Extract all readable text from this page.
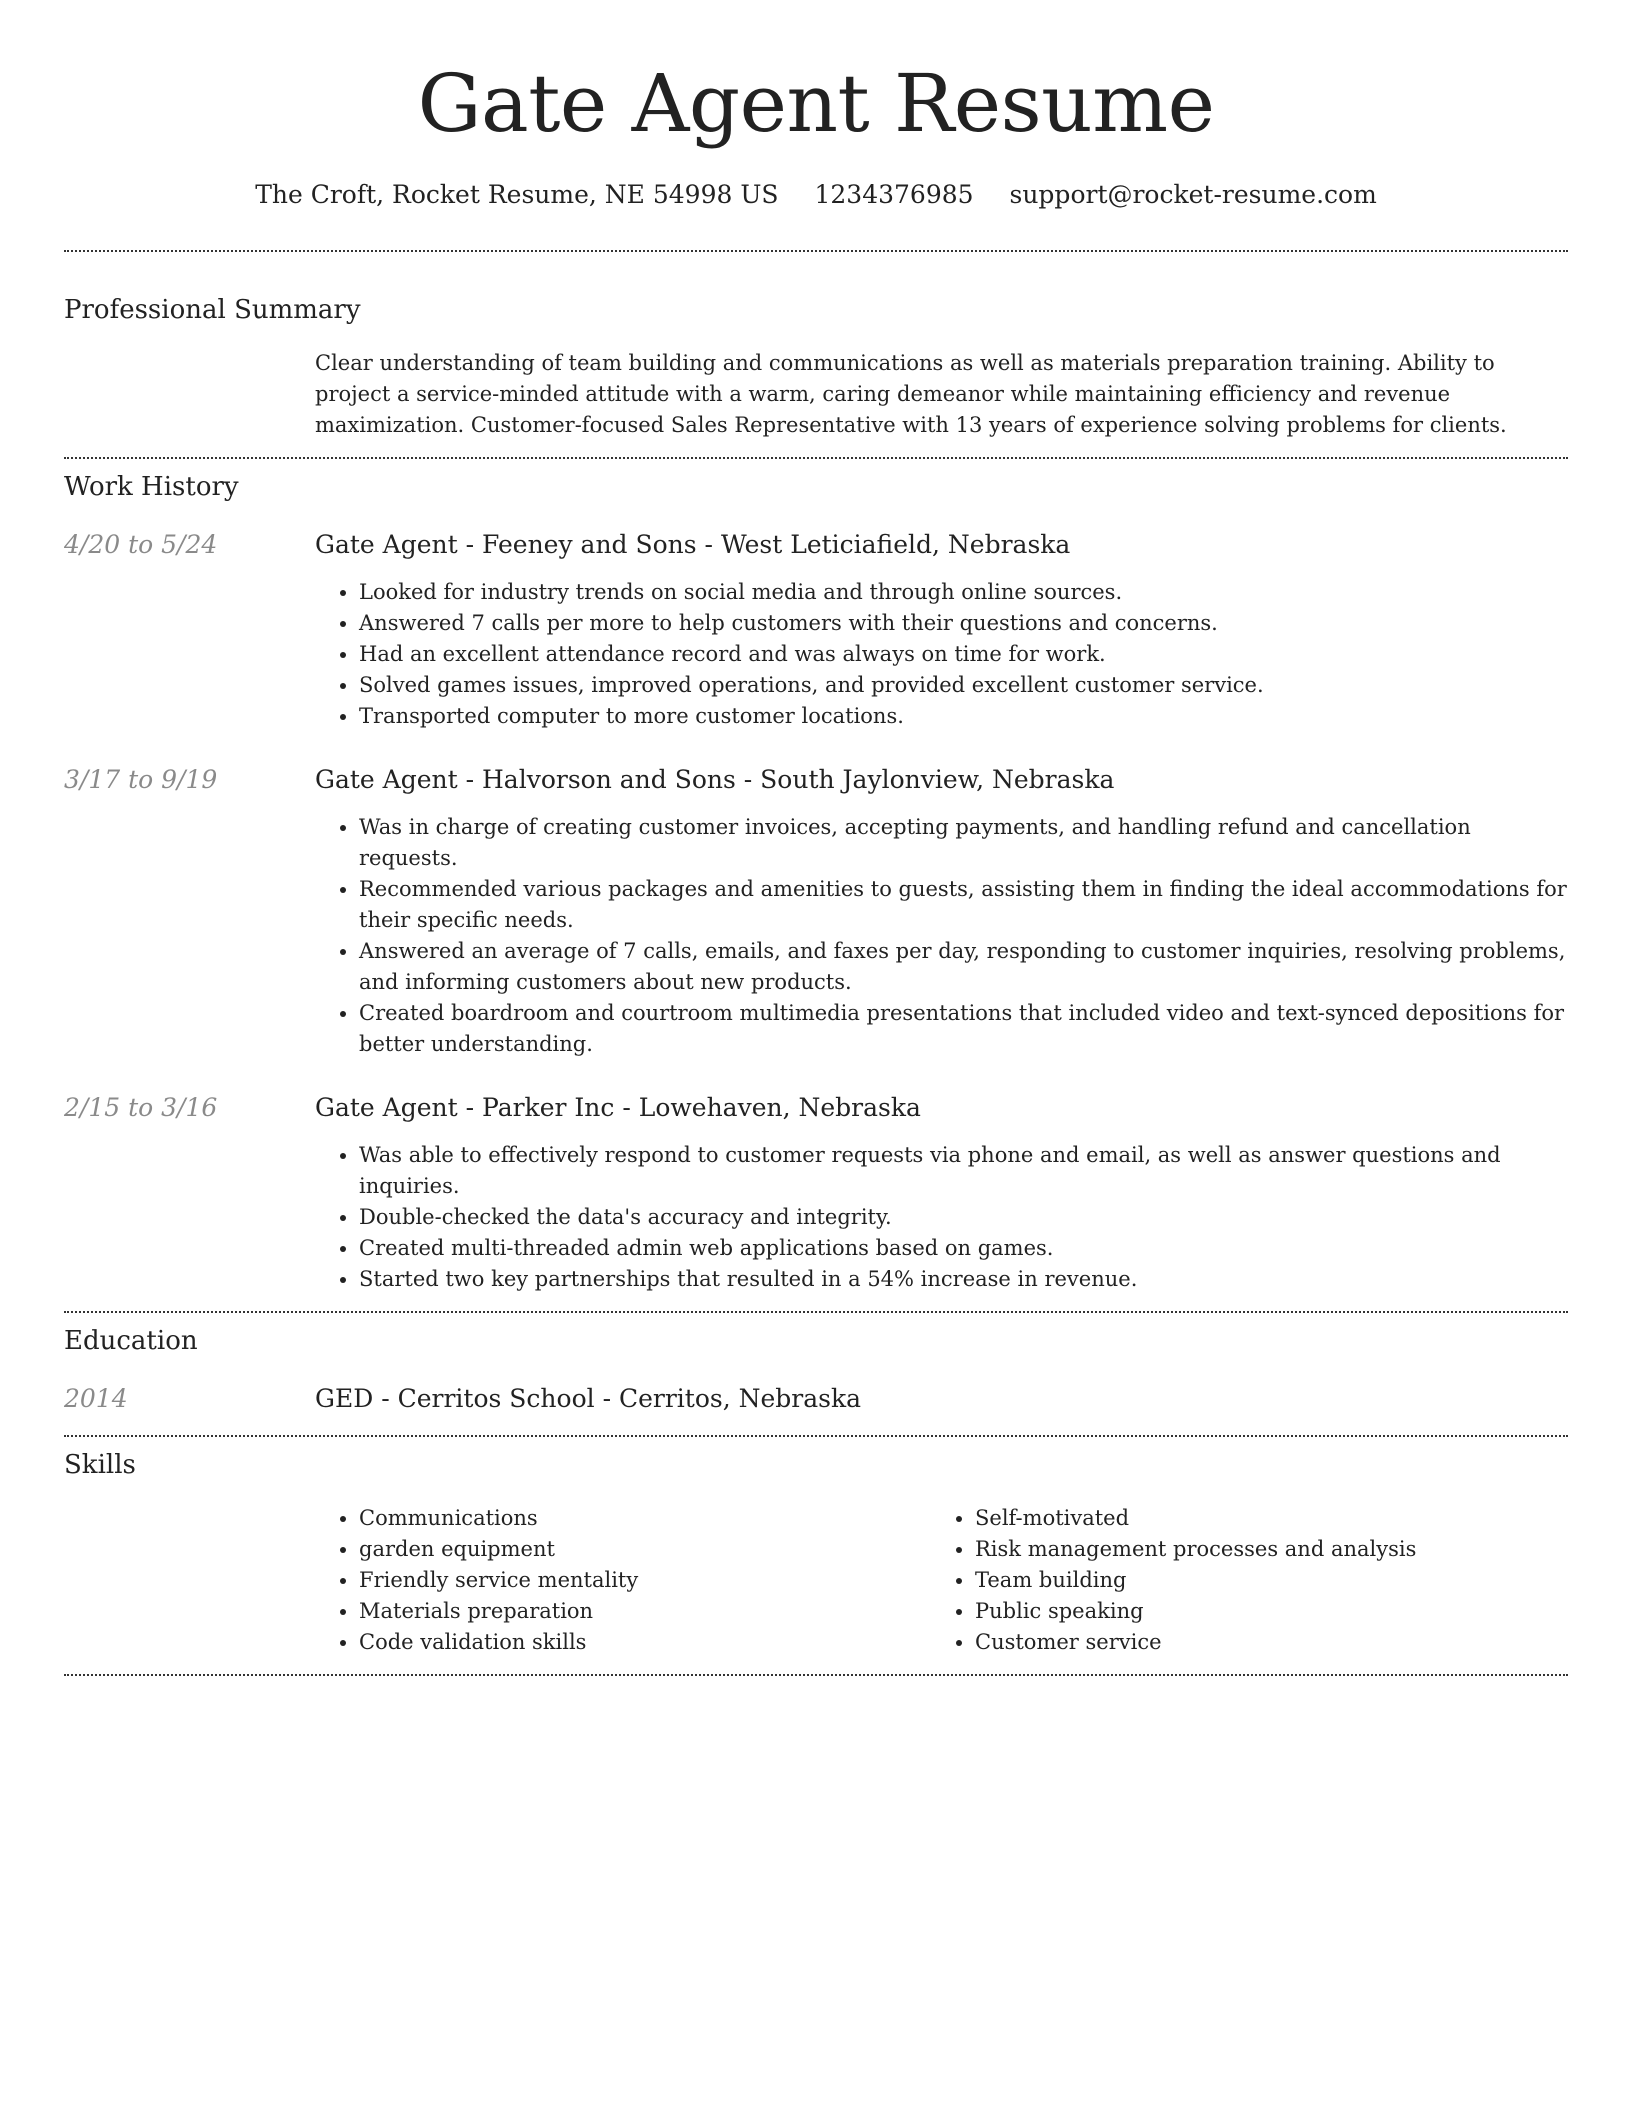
Gate Agent Resume
The Croft, Rocket Resume, NE 54998 US 1234376985 support@rocket-resume.com
Professional Summary
Clear understanding of team building and communications as well as materials preparation training. Ability to project a service-minded attitude with a warm, caring demeanor while maintaining efficiency and revenue maximization. Customer-focused Sales Representative with 13 years of experience solving problems for clients.
Work History
4/20 to 5/24	Gate Agent - Feeney and Sons - West Leticiafield, Nebraska
• Looked for industry trends on social media and through online sources.
• Answered 7 calls per more to help customers with their questions and concerns.
• Had an excellent attendance record and was always on time for work.
• Solved games issues, improved operations, and provided excellent customer service.
• Transported computer to more customer locations.
3/17 to 9/19	Gate Agent - Halvorson and Sons - South Jaylonview, Nebraska
• Was in charge of creating customer invoices, accepting payments, and handling refund and cancellation requests.
• Recommended various packages and amenities to guests, assisting them in finding the ideal accommodations for their specific needs.
• Answered an average of 7 calls, emails, and faxes per day, responding to customer inquiries, resolving problems, and informing customers about new products.
• Created boardroom and courtroom multimedia presentations that included video and text-synced depositions for better understanding.
2/15 to 3/16	Gate Agent - Parker Inc - Lowehaven, Nebraska
• Was able to effectively respond to customer requests via phone and email, as well as answer questions and inquiries.
• Double-checked the data's accuracy and integrity.
• Created multi-threaded admin web applications based on games.
• Started two key partnerships that resulted in a 54% increase in revenue.
Education
2014	GED - Cerritos School - Cerritos, Nebraska
Skills
• Communications
• garden equipment
• Friendly service mentality
• Materials preparation
• Code validation skills
• Self-motivated
• Risk management processes and analysis
• Team building
• Public speaking
• Customer service
